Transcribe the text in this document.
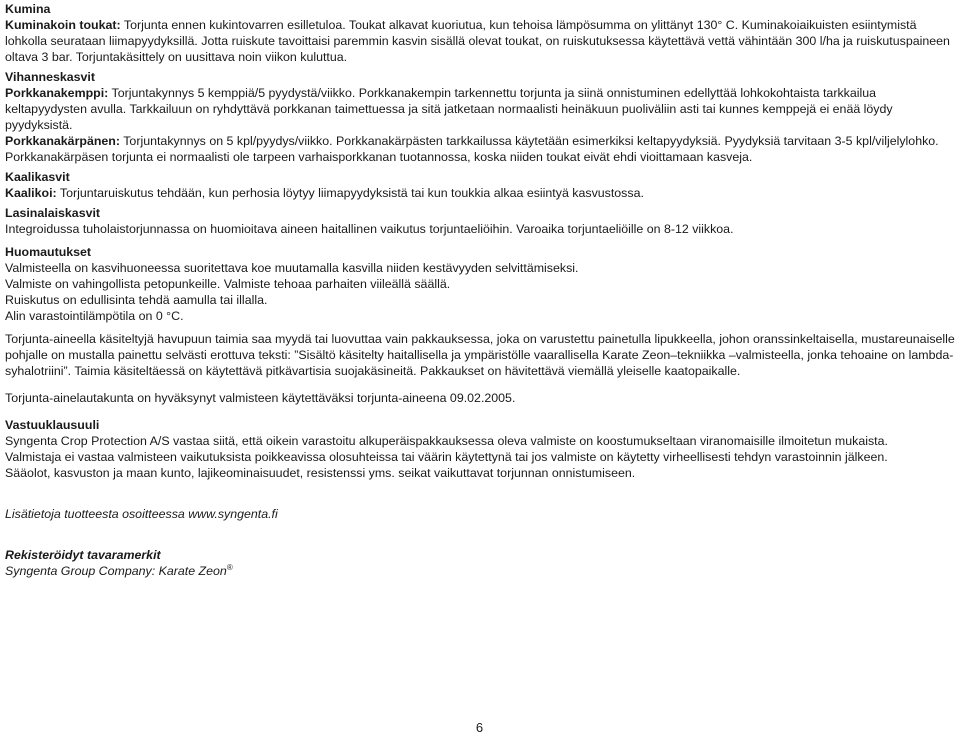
Kumina

Kuminakoin toukat: Torjunta ennen kukintovarren esilletuloa. Toukat alkavat kuoriutua, kun tehoisa lämpösumma on ylittänyt 130° C. Kuminakoiaikuisten esiintymistä lohkolla seurataan liimapyydyksillä. Jotta ruiskute tavoittaisi paremmin kasvin sisällä olevat toukat, on ruiskutuksessa käytettävä vettä vähintään 300 l/ha ja ruiskutuspaineen oltava 3 bar. Torjuntakäsittely on uusittava noin viikon kuluttua.

Vihanneskasvit

Porkkanakemppi: Torjuntakynnys 5 kemppiä/5 pyydystä/viikko. Porkkanakempin tarkennettu torjunta ja siinä onnistuminen edellyttää lohkokohtaista tarkkailua keltapyydysten avulla. Tarkkailuun on ryhdyttävä porkkanan taimettuessa ja sitä jatketaan normaalisti heinäkuun puoliväliin asti tai kunnes kemppejä ei enää löydy pyydyksistä.

Porkkanakärpänen: Torjuntakynnys on 5 kpl/pyydys/viikko. Porkkanakärpästen tarkkailussa käytetään esimerkiksi keltapyydyksiä. Pyydyksiä tarvitaan 3-5 kpl/viljelylohko. Porkkanakärpäsen torjunta ei normaalisti ole tarpeen varhaisporkkanan tuotannossa, koska niiden toukat eivät ehdi vioittamaan kasveja.

Kaalikasvit

Kaalikoi: Torjuntaruiskutus tehdään, kun perhosia löytyy liimapyydyksistä tai kun toukkia alkaa esiintyä kasvustossa.

Lasinalaiskasvit

Integroidussa tuholaistorjunnassa on huomioitava aineen haitallinen vaikutus torjuntaeliöihin. Varoaika torjuntaeliöille on 8-12 viikkoa.

Huomautukset

Valmisteella on kasvihuoneessa suoritettava koe muutamalla kasvilla niiden kestävyyden selvittämiseksi.

Valmiste on vahingollista petopunkeille. Valmiste tehoaa parhaiten viileällä säällä.

Ruiskutus on edullisinta tehdä aamulla tai illalla.

Alin varastointilämpötila on 0 °C.

Torjunta-aineella käsiteltyjä havupuun taimia saa myydä tai luovuttaa vain pakkauksessa, joka on varustettu painetulla lipukkeella, johon oranssinkeltaisella, mustareunaiselle pohjalle on mustalla painettu selvästi erottuva teksti: ”Sisältö käsitelty haitallisella ja ympäristölle vaarallisella Karate Zeon–tekniikka –valmisteella, jonka tehoaine on lambda-syhalotriini”. Taimia käsiteltäessä on käytettävä pitkävartisia suojakäsineitä. Pakkaukset on hävitettävä viemällä yleiselle kaatopaikalle.

Torjunta-ainelautakunta on hyväksynyt valmisteen käytettäväksi torjunta-aineena 09.02.2005.

Vastuuklausuuli

Syngenta Crop Protection A/S vastaa siitä, että oikein varastoitu alkuperäispakkauksessa oleva valmiste on koostumukseltaan viranomaisille ilmoitetun mukaista.

Valmistaja ei vastaa valmisteen vaikutuksista poikkeavissa olosuhteissa tai väärin käytettynä tai jos valmiste on käytetty virheellisesti tehdyn varastoinnin jälkeen.

Sääolot, kasvuston ja maan kunto, lajikeominaisuudet, resistenssi yms. seikat vaikuttavat torjunnan onnistumiseen.

Lisätietoja tuotteesta osoitteessa www.syngenta.fi

Rekisteröidyt tavaramerkit

Syngenta Group Company: Karate Zeon®

6
